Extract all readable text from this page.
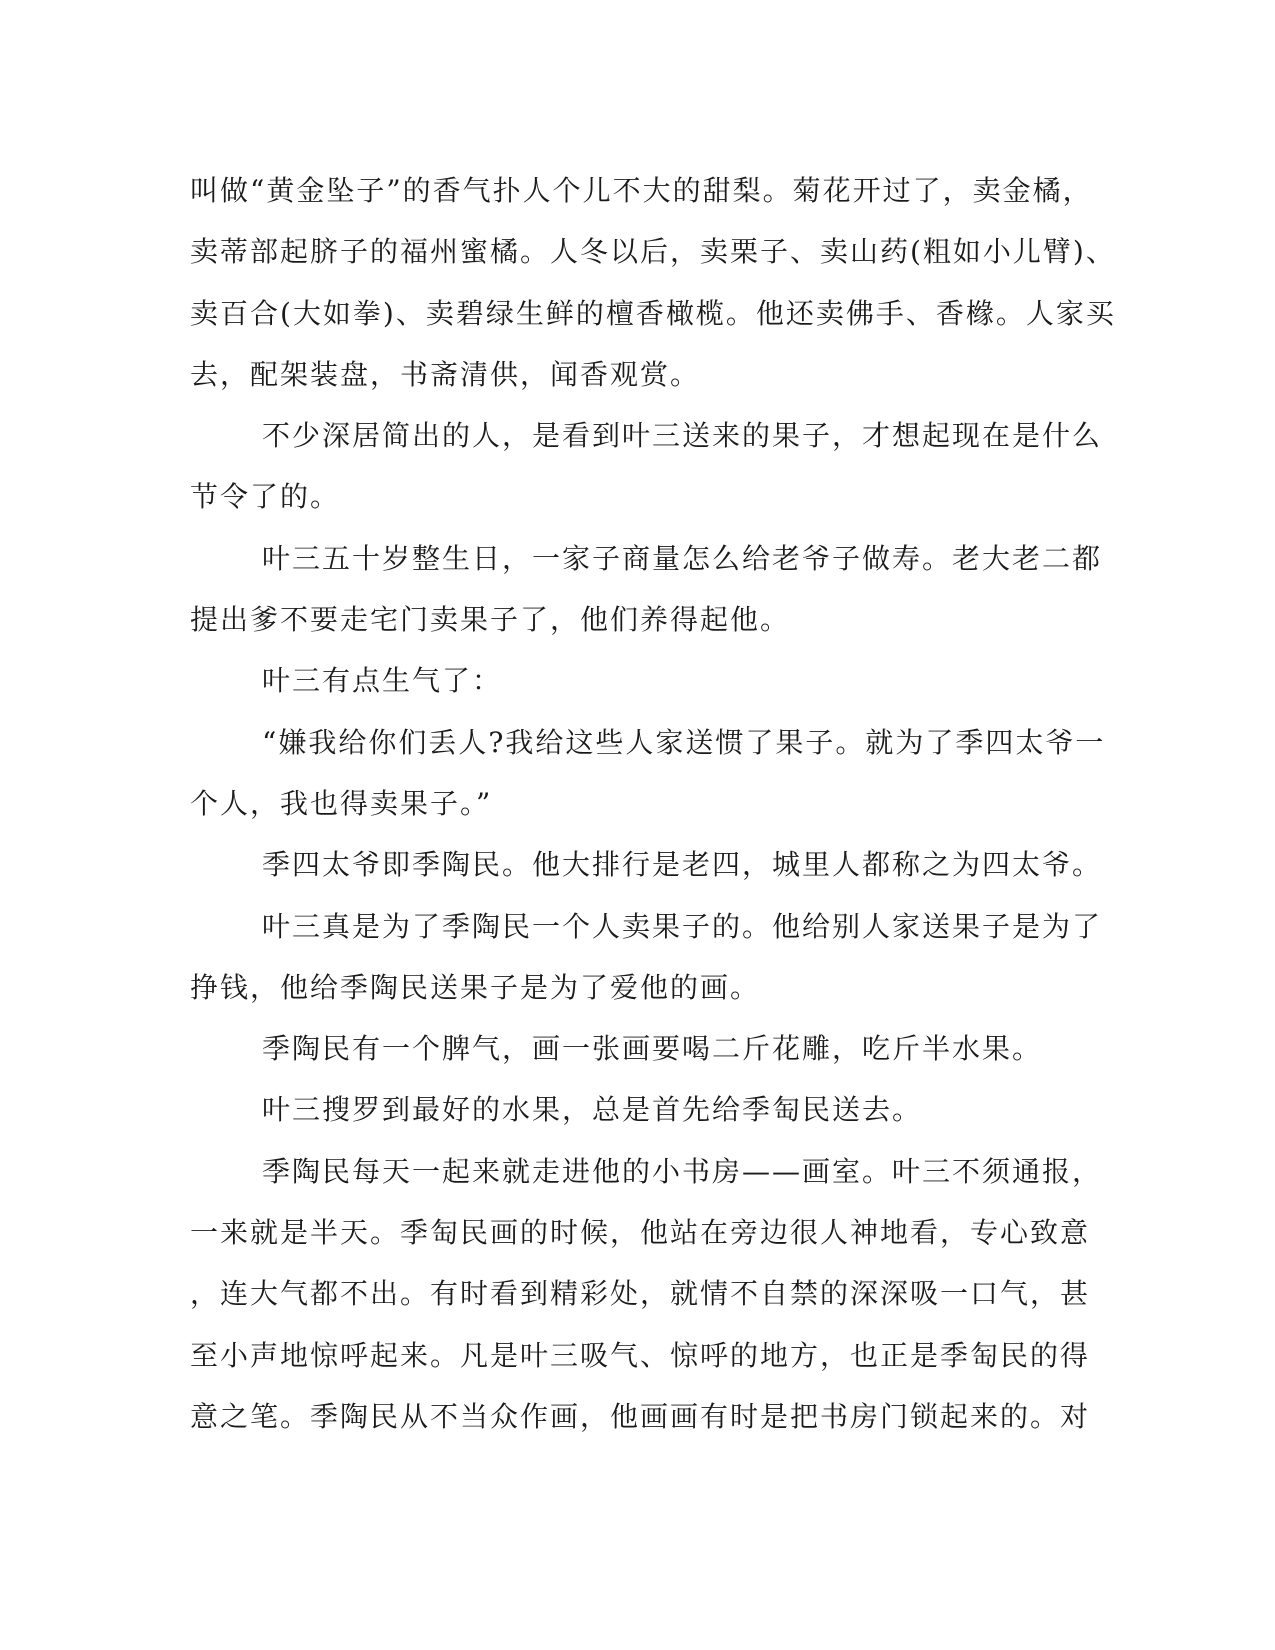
叫做“黄金坠子”的香气扑人个儿不大的甜梨。菊花开过了，卖金橘，
卖蒂部起脐子的福州蜜橘。人冬以后，卖栗子、卖山药(粗如小儿臂)、
卖百合(大如拳)、卖碧绿生鲜的檀香橄榄。他还卖佛手、香橼。人家买
去，配架装盘，书斋清供，闻香观赏。
不少深居简出的人，是看到叶三送来的果子，才想起现在是什么
节令了的。
叶三五十岁整生日，一家子商量怎么给老爷子做寿。老大老二都
提出爹不要走宅门卖果子了，他们养得起他。
叶三有点生气了：
“嫌我给你们丢人?我给这些人家送惯了果子。就为了季四太爷一
个人，我也得卖果子。”
季四太爷即季陶民。他大排行是老四，城里人都称之为四太爷。
叶三真是为了季陶民一个人卖果子的。他给别人家送果子是为了
挣钱，他给季陶民送果子是为了爱他的画。
季陶民有一个脾气，画一张画要喝二斤花雕，吃斤半水果。
叶三搜罗到最好的水果，总是首先给季匋民送去。
季陶民每天一起来就走进他的小书房——画室。叶三不须通报，
一来就是半天。季匋民画的时候，他站在旁边很人神地看，专心致意
，连大气都不出。有时看到精彩处，就情不自禁的深深吸一口气，甚
至小声地惊呼起来。凡是叶三吸气、惊呼的地方，也正是季匋民的得
意之笔。季陶民从不当众作画，他画画有时是把书房门锁起来的。对
